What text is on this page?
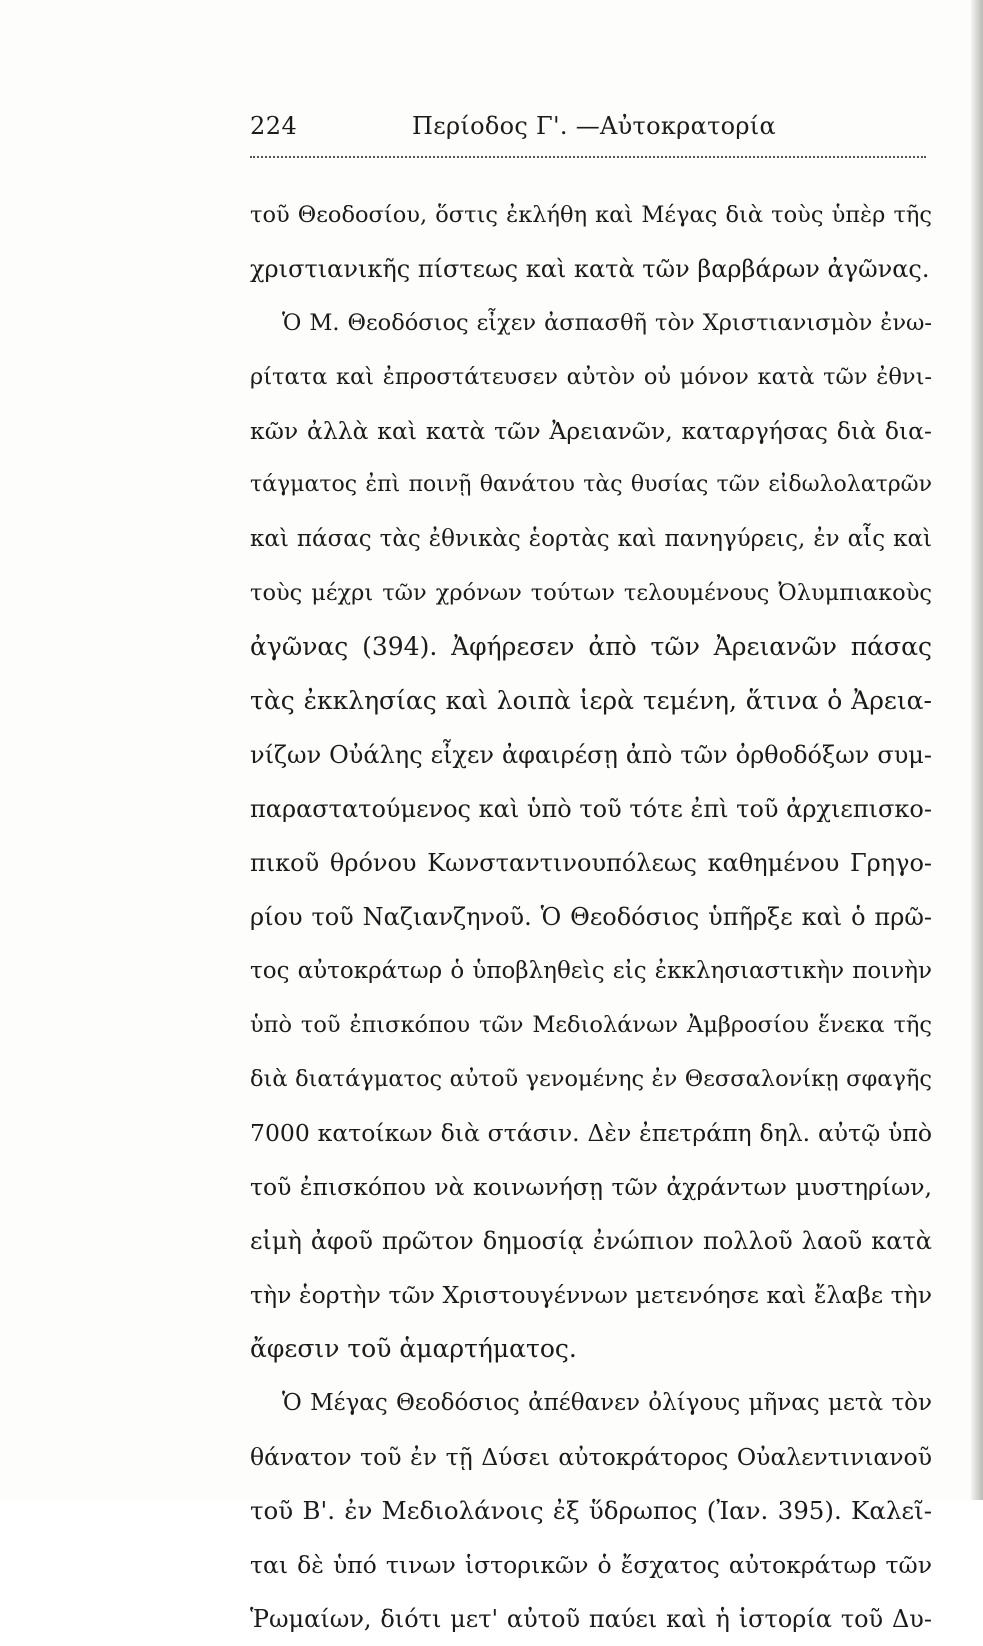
224	Περίοδος Γ'. —Αὐτοκρατορία
τοῦ Θεοδοσίου, ὅστις ἐκλήθη καὶ Μέγας διὰ τοὺς ὑπὲρ τῆς
χριστιανικῆς πίστεως καὶ κατὰ τῶν βαρβάρων ἀγῶνας.
Ὁ Μ. Θεοδόσιος εἶχεν ἀσπασθῆ τὸν Χριστιανισμὸν ἐνω-
ρίτατα καὶ ἐπροστάτευσεν αὐτὸν οὐ μόνον κατὰ τῶν ἐθνι-
κῶν ἀλλὰ καὶ κατὰ τῶν Ἀρειανῶν, καταργήσας διὰ δια-
τάγματος ἐπὶ ποινῇ θανάτου τὰς θυσίας τῶν εἰδωλολατρῶν
καὶ πάσας τὰς ἐθνικὰς ἑορτὰς καὶ πανηγύρεις, ἐν αἷς καὶ
τοὺς μέχρι τῶν χρόνων τούτων τελουμένους Ὀλυμπιακοὺς
ἀγῶνας (394). Ἀφήρεσεν ἀπὸ τῶν Ἀρειανῶν πάσας
τὰς ἐκκλησίας καὶ λοιπὰ ἱερὰ τεμένη, ἅτινα ὁ Ἀρεια-
νίζων Οὐάλης εἶχεν ἀφαιρέσῃ ἀπὸ τῶν ὀρθοδόξων συμ-
παραστατούμενος καὶ ὑπὸ τοῦ τότε ἐπὶ τοῦ ἀρχιεπισκο-
πικοῦ θρόνου Κωνσταντινουπόλεως καθημένου Γρηγο-
ρίου τοῦ Ναζιανζηνοῦ. Ὁ Θεοδόσιος ὑπῆρξε καὶ ὁ πρῶ-
τος αὐτοκράτωρ ὁ ὑποβληθεὶς εἰς ἐκκλησιαστικὴν ποινὴν
ὑπὸ τοῦ ἐπισκόπου τῶν Μεδιολάνων Ἀμβροσίου ἕνεκα τῆς
διὰ διατάγματος αὐτοῦ γενομένης ἐν Θεσσαλονίκῃ σφαγῆς
7000 κατοίκων διὰ στάσιν. Δὲν ἐπετράπη δηλ. αὐτῷ ὑπὸ
τοῦ ἐπισκόπου νὰ κοινωνήσῃ τῶν ἀχράντων μυστηρίων,
εἰμὴ ἀφοῦ πρῶτον δημοσίᾳ ἐνώπιον πολλοῦ λαοῦ κατὰ
τὴν ἑορτὴν τῶν Χριστουγέννων μετενόησε καὶ ἔλαβε τὴν
ἄφεσιν τοῦ ἁμαρτήματος.
Ὁ Μέγας Θεοδόσιος ἀπέθανεν ὀλίγους μῆνας μετὰ τὸν
θάνατον τοῦ ἐν τῇ Δύσει αὐτοκράτορος Οὐαλεντινιανοῦ
τοῦ Β'. ἐν Μεδιολάνοις ἐξ ὕδρωπος (Ἰαν. 395). Καλεῖ-
ται δὲ ὑπό τινων ἱστορικῶν ὁ ἔσχατος αὐτοκράτωρ τῶν
Ῥωμαίων, διότι μετ' αὐτοῦ παύει καὶ ἡ ἱστορία τοῦ Δυ-
